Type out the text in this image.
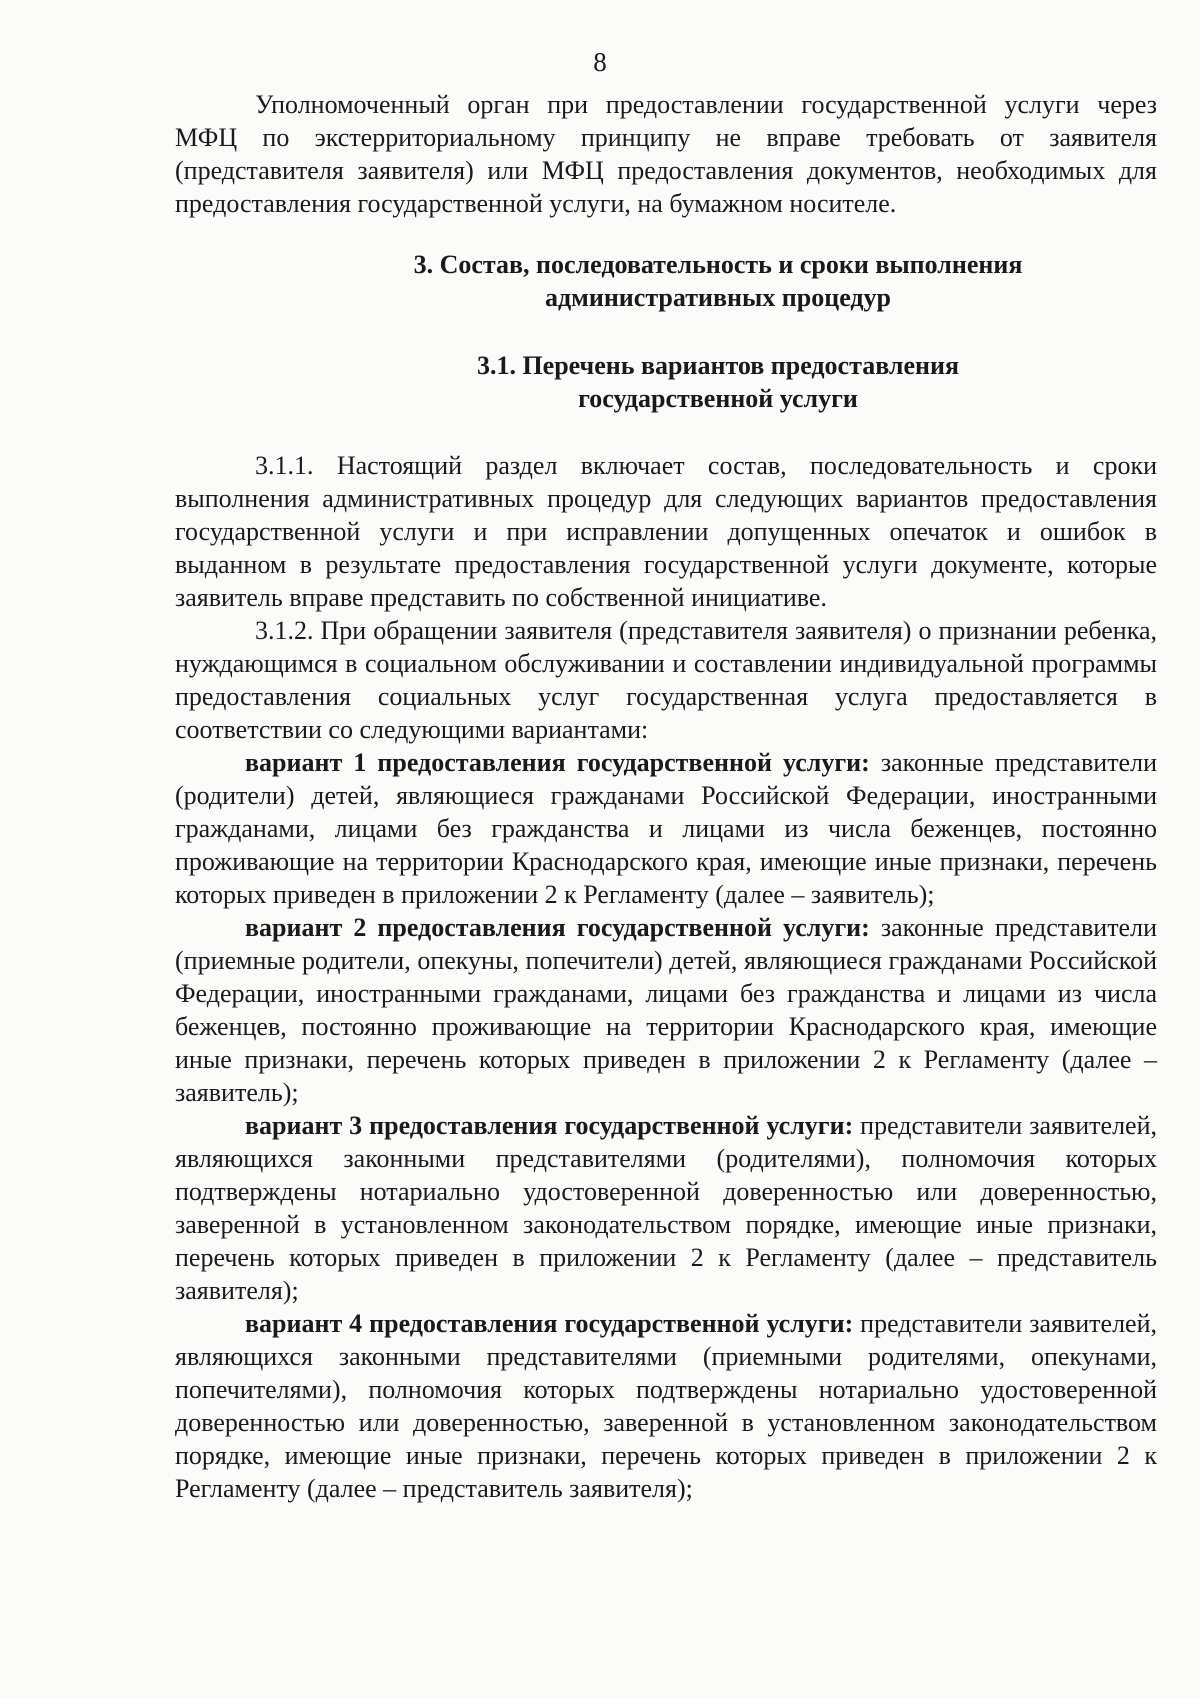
8

Уполномоченный орган при предоставлении государственной услуги через МФЦ по экстерриториальному принципу не вправе требовать от заявителя (представителя заявителя) или МФЦ предоставления документов, необходимых для предоставления государственной услуги, на бумажном носителе.

3. Состав, последовательность и сроки выполнения
административных процедур
3.1. Перечень вариантов предоставления
государственной услуги

3.1.1. Настоящий раздел включает состав, последовательность и сроки выполнения административных процедур для следующих вариантов предоставления государственной услуги и при исправлении допущенных опечаток и ошибок в выданном в результате предоставления государственной услуги документе, которые заявитель вправе представить по собственной инициативе.

3.1.2. При обращении заявителя (представителя заявителя) о признании ребенка, нуждающимся в социальном обслуживании и составлении индивидуальной программы предоставления социальных услуг государственная услуга предоставляется в соответствии со следующими вариантами:

вариант 1 предоставления государственной услуги: законные представители (родители) детей, являющиеся гражданами Российской Федерации, иностранными гражданами, лицами без гражданства и лицами из числа беженцев, постоянно проживающие на территории Краснодарского края, имеющие иные признаки, перечень которых приведен в приложении 2 к Регламенту (далее – заявитель);

вариант 2 предоставления государственной услуги: законные представители (приемные родители, опекуны, попечители) детей, являющиеся гражданами Российской Федерации, иностранными гражданами, лицами без гражданства и лицами из числа беженцев, постоянно проживающие на территории Краснодарского края, имеющие иные признаки, перечень которых приведен в приложении 2 к Регламенту (далее – заявитель);

вариант 3 предоставления государственной услуги: представители заявителей, являющихся законными представителями (родителями), полномочия которых подтверждены нотариально удостоверенной доверенностью или доверенностью, заверенной в установленном законодательством порядке, имеющие иные признаки, перечень которых приведен в приложении 2 к Регламенту (далее – представитель заявителя);

вариант 4 предоставления государственной услуги: представители заявителей, являющихся законными представителями (приемными родителями, опекунами, попечителями), полномочия которых подтверждены нотариально удостоверенной доверенностью или доверенностью, заверенной в установленном законодательством порядке, имеющие иные признаки, перечень которых приведен в приложении 2 к Регламенту (далее – представитель заявителя);
